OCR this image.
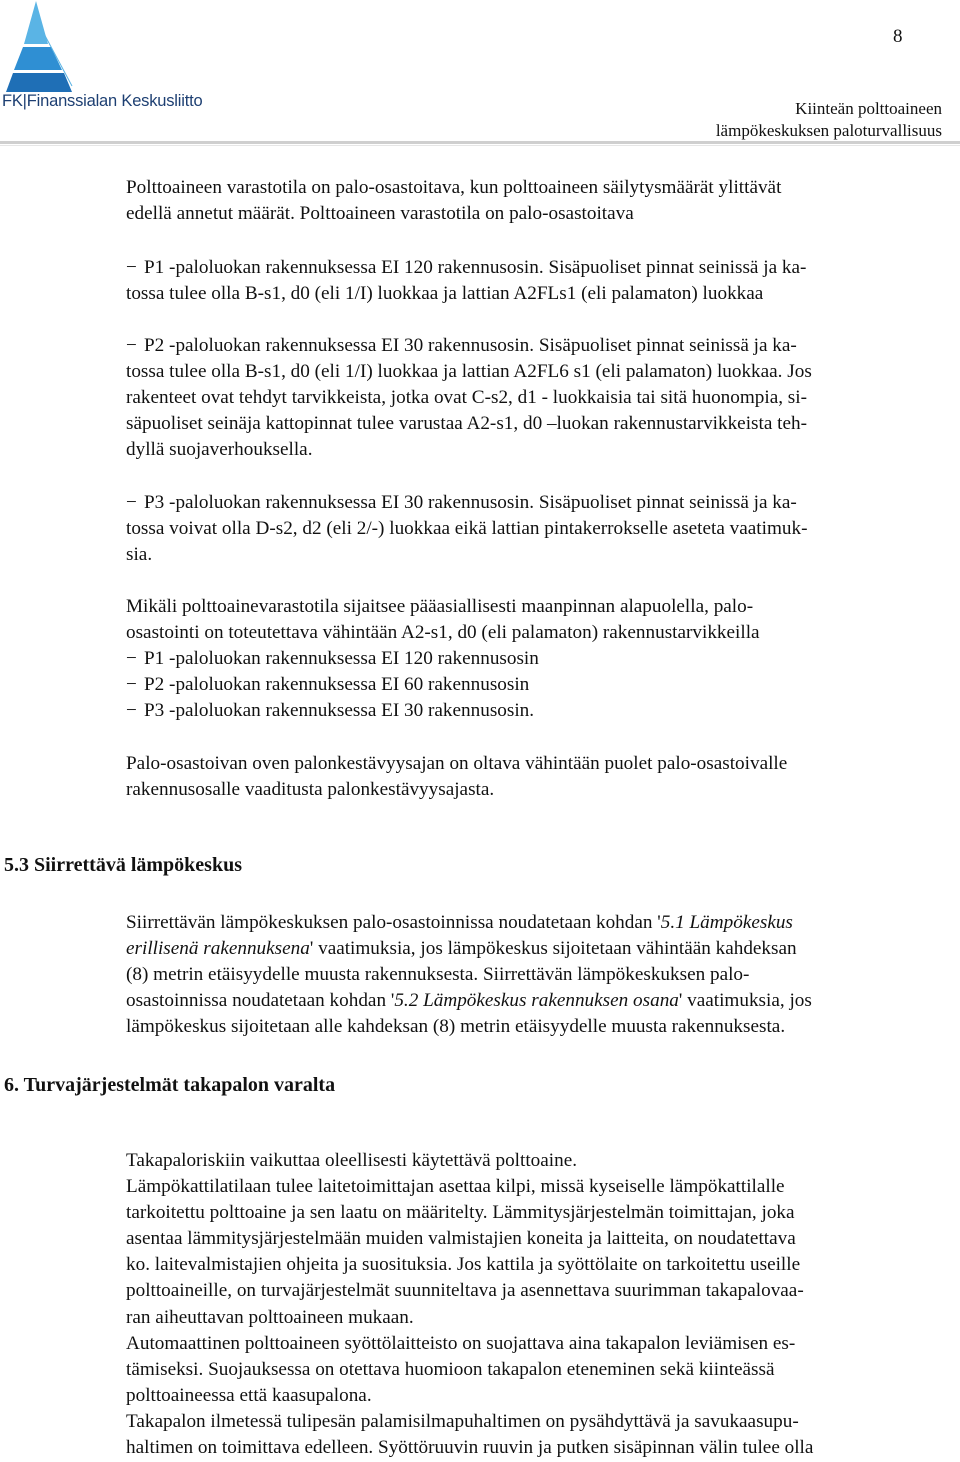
FK|Finanssialan Keskusliitto
8
Kiinteän polttoaineen
lämpökeskuksen paloturvallisuus

Polttoaineen varastotila on palo-osastoitava, kun polttoaineen säilytysmäärät ylittävät
edellä annetut määrät. Polttoaineen varastotila on palo-osastoitava

− P1 -paloluokan rakennuksessa EI 120 rakennusosin. Sisäpuoliset pinnat seinissä ja ka-
tossa tulee olla B-s1, d0 (eli 1/I) luokkaa ja lattian A2FLs1 (eli palamaton) luokkaa

− P2 -paloluokan rakennuksessa EI 30 rakennusosin. Sisäpuoliset pinnat seinissä ja ka-
tossa tulee olla B-s1, d0 (eli 1/I) luokkaa ja lattian A2FL6 s1 (eli palamaton) luokkaa. Jos
rakenteet ovat tehdyt tarvikkeista, jotka ovat C-s2, d1 - luokkaisia tai sitä huonompia, si-
säpuoliset seinäja kattopinnat tulee varustaa A2-s1, d0 –luokan rakennustarvikkeista teh-
dyllä suojaverhouksella.

− P3 -paloluokan rakennuksessa EI 30 rakennusosin. Sisäpuoliset pinnat seinissä ja ka-
tossa voivat olla D-s2, d2 (eli 2/-) luokkaa eikä lattian pintakerrokselle aseteta vaatimuk-
sia.

Mikäli polttoainevarastotila sijaitsee pääasiallisesti maanpinnan alapuolella, palo-
osastointi on toteutettava vähintään A2-s1, d0 (eli palamaton) rakennustarvikkeilla
− P1 -paloluokan rakennuksessa EI 120 rakennusosin
− P2 -paloluokan rakennuksessa EI 60 rakennusosin
− P3 -paloluokan rakennuksessa EI 30 rakennusosin.

Palo-osastoivan oven palonkestävyysajan on oltava vähintään puolet palo-osastoivalle
rakennusosalle vaaditusta palonkestävyysajasta.

5.3 Siirrettävä lämpökeskus

Siirrettävän lämpökeskuksen palo-osastoinnissa noudatetaan kohdan '5.1 Lämpökeskus
erillisenä rakennuksena' vaatimuksia, jos lämpökeskus sijoitetaan vähintään kahdeksan
(8) metrin etäisyydelle muusta rakennuksesta. Siirrettävän lämpökeskuksen palo-
osastoinnissa noudatetaan kohdan '5.2 Lämpökeskus rakennuksen osana' vaatimuksia, jos
lämpökeskus sijoitetaan alle kahdeksan (8) metrin etäisyydelle muusta rakennuksesta.

6. Turvajärjestelmät takapalon varalta

Takapaloriskiin vaikuttaa oleellisesti käytettävä polttoaine.
Lämpökattilatilaan tulee laitetoimittajan asettaa kilpi, missä kyseiselle lämpökattilalle
tarkoitettu polttoaine ja sen laatu on määritelty. Lämmitysjärjestelmän toimittajan, joka
asentaa lämmitysjärjestelmään muiden valmistajien koneita ja laitteita, on noudatettava
ko. laitevalmistajien ohjeita ja suosituksia. Jos kattila ja syöttölaite on tarkoitettu useille
polttoaineille, on turvajärjestelmät suunniteltava ja asennettava suurimman takapalovaa-
ran aiheuttavan polttoaineen mukaan.
Automaattinen polttoaineen syöttölaitteisto on suojattava aina takapalon leviämisen es-
tämiseksi. Suojauksessa on otettava huomioon takapalon eteneminen sekä kiinteässä
polttoaineessa että kaasupalona.
Takapalon ilmetessä tulipesän palamisilmapuhaltimen on pysähdyttävä ja savukaasupu-
haltimen on toimittava edelleen. Syöttöruuvin ruuvin ja putken sisäpinnan välin tulee olla
